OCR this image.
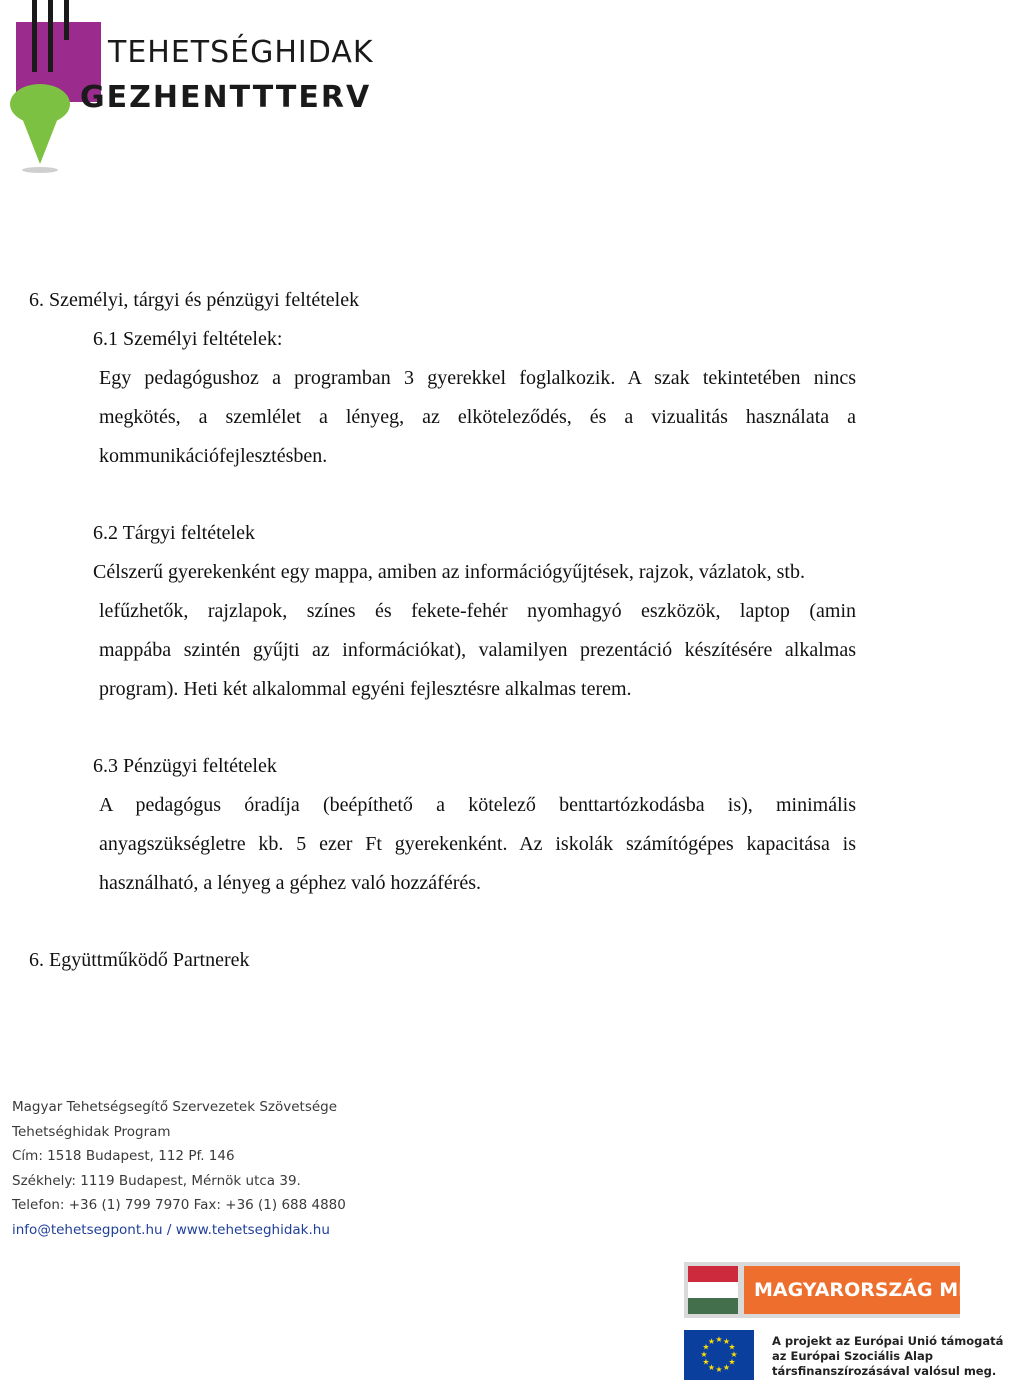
TEHETSÉGHIDAK
GEZHENTTTERV
6. Személyi, tárgyi és pénzügyi feltételek
6.1 Személyi feltételek:
Egy pedagógushoz a programban 3 gyerekkel foglalkozik. A szak tekintetében nincs
megkötés, a szemlélet a lényeg, az elköteleződés, és a vizualitás használata a
kommunikációfejlesztésben.
6.2 Tárgyi feltételek
Célszerű gyerekenként egy mappa, amiben az információgyűjtések, rajzok, vázlatok, stb.
lefűzhetők, rajzlapok, színes és fekete-fehér nyomhagyó eszközök, laptop (amin
mappába szintén gyűjti az információkat), valamilyen prezentáció készítésére alkalmas
program). Heti két alkalommal egyéni fejlesztésre alkalmas terem.
6.3 Pénzügyi feltételek
A pedagógus óradíja (beépíthető a kötelező benttartózkodásba is), minimális
anyagszükségletre kb. 5 ezer Ft gyerekenként. Az iskolák számítógépes kapacitása is
használható, a lényeg a géphez való hozzáférés.
6. Együttműködő Partnerek
Magyar Tehetségsegítő Szervezetek Szövetsége
Tehetséghidak Program
Cím: 1518 Budapest, 112 Pf. 146
Székhely: 1119 Budapest, Mérnök utca 39.
Telefon: +36 (1) 799 7970 Fax: +36 (1) 688 4880
info@tehetsegpont.hu / www.tehetseghidak.hu
MAGYARORSZÁG MEGÚJU
★ ★
★
★
★
★
★
★
★
★
★
★	A projekt az Európai Unió támogatá
az Európai Szociális Alap
társfinanszírozásával valósul meg.
